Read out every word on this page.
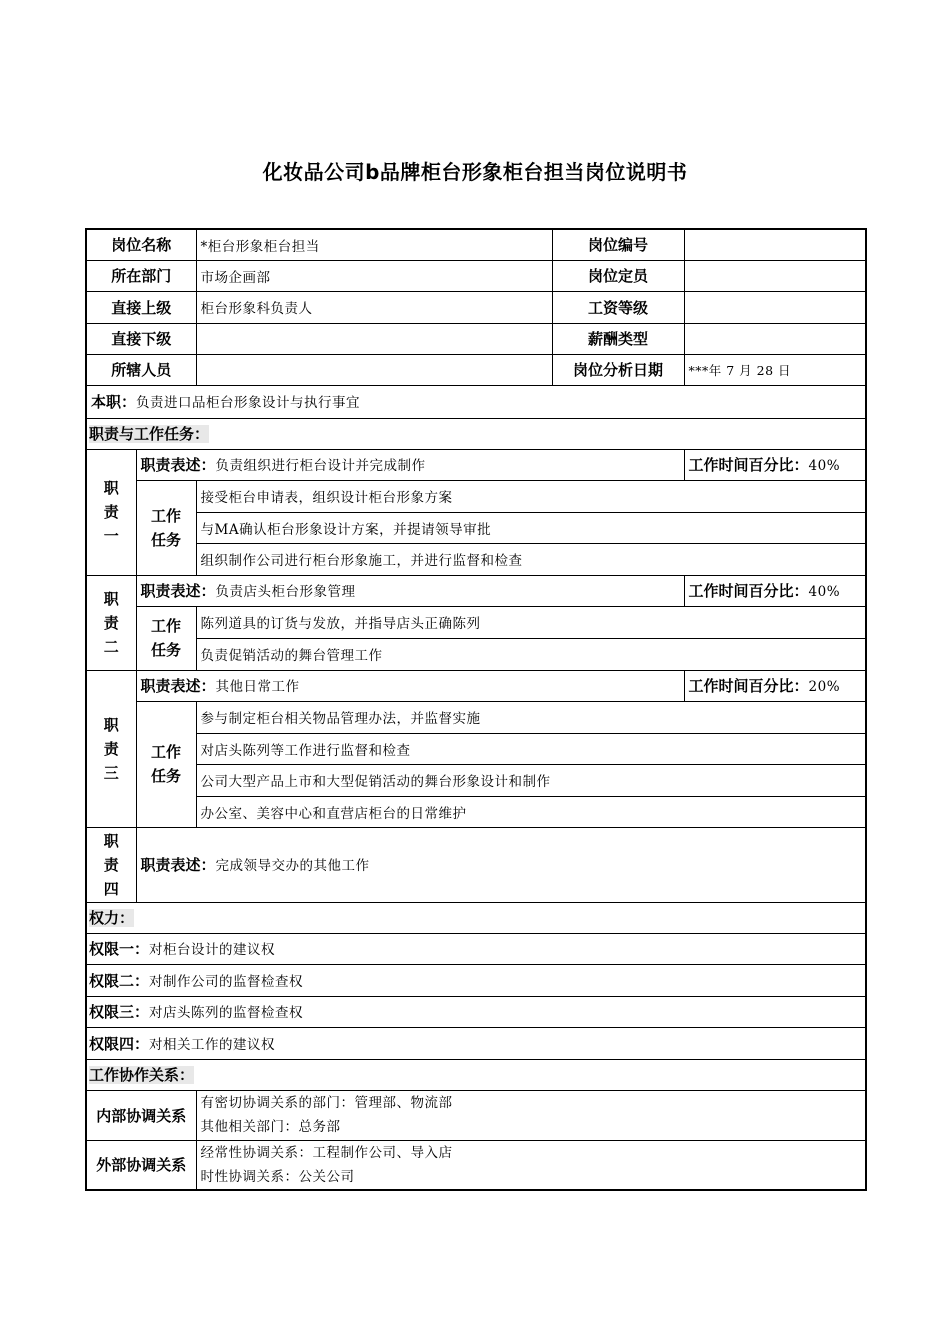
化妆品公司b品牌柜台形象柜台担当岗位说明书
岗位名称		*柜台形象柜台担当	岗位编号	
所在部门		市场企画部	岗位定员	
直接上级		柜台形象科负责人	工资等级	
直接下级			薪酬类型	
所辖人员			岗位分析日期	***年 7 月 28 日
本职：负责进口品柜台形象设计与执行事宜				
职责与工作任务：				

职
责
一	职责表述：负责组织进行柜台设计并完成制作			工作时间百分比：40%

	工作
任务	接受柜台申请表，组织设计柜台形象方案		
		与MA确认柜台形象设计方案，并提请领导审批		
		组织制作公司进行柜台形象施工，并进行监督和检查		

职
责
二	职责表述：负责店头柜台形象管理			工作时间百分比：40%

	工作
任务	陈列道具的订货与发放，并指导店头正确陈列		
		负责促销活动的舞台管理工作		

职
责
三	职责表述：其他日常工作			工作时间百分比：20%

	工作
任务	参与制定柜台相关物品管理办法，并监督实施		
		对店头陈列等工作进行监督和检查		
		公司大型产品上市和大型促销活动的舞台形象设计和制作		
		办公室、美容中心和直营店柜台的日常维护		

职
责
四	职责表述：完成领导交办的其他工作			
权力：				
权限一：对柜台设计的建议权				
权限二：对制作公司的监督检查权				
权限三：对店头陈列的监督检查权				
权限四：对相关工作的建议权				
工作协作关系：				
内部协调关系		有密切协调关系的部门：管理部、物流部
其他相关部门：总务部		

外部协调关系		经常性协调关系：工程制作公司、导入店
时性协调关系：公关公司		
